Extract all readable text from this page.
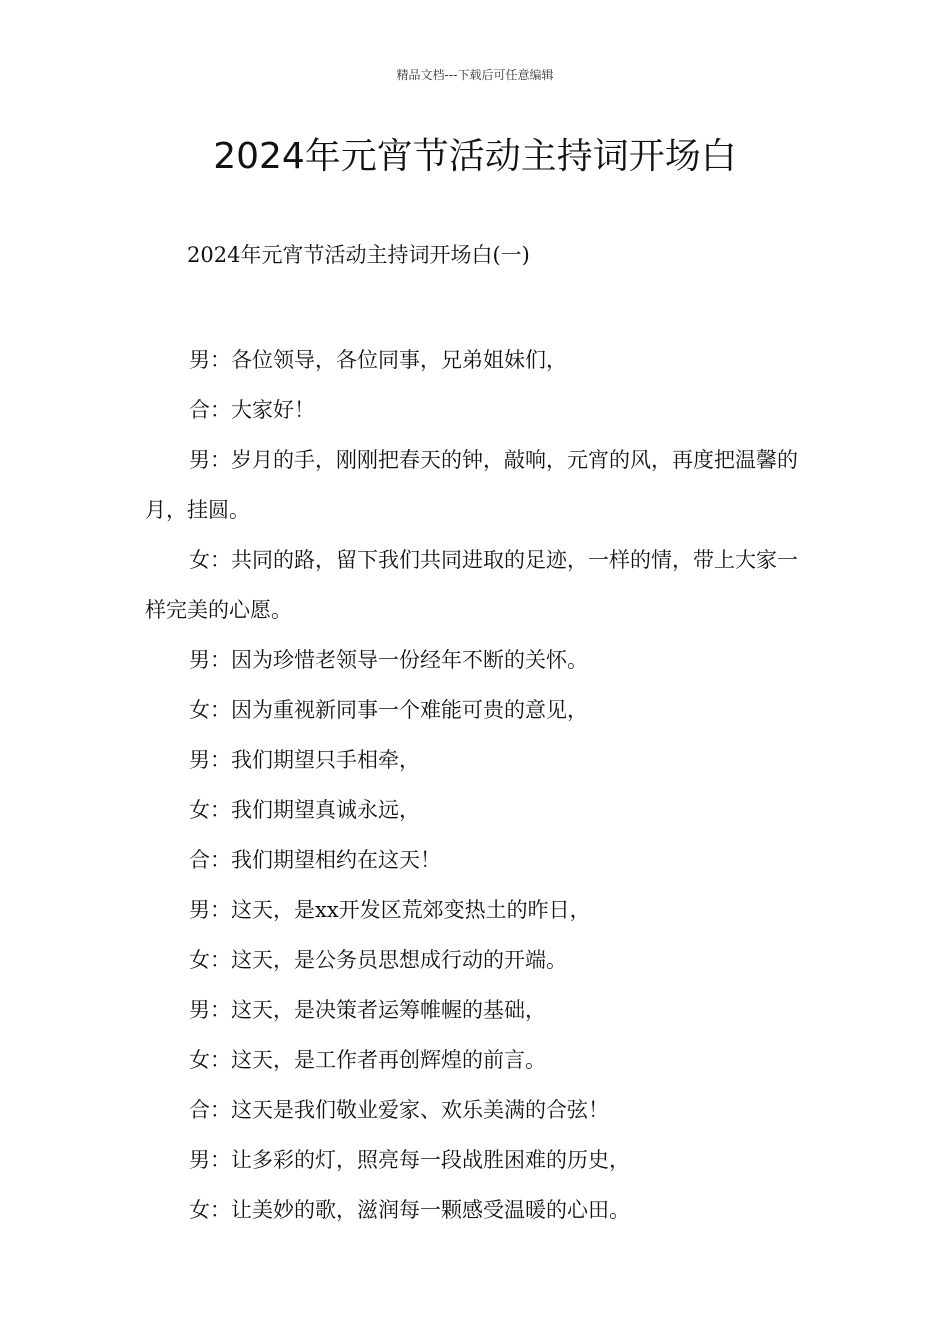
精品文档---下载后可任意编辑
2024年元宵节活动主持词开场白
2024年元宵节活动主持词开场白(一)

男：各位领导，各位同事，兄弟姐妹们，

合：大家好！

男：岁月的手，刚刚把春天的钟，敲响，元宵的风，再度把温馨的月，挂圆。

女：共同的路，留下我们共同进取的足迹，一样的情，带上大家一样完美的心愿。

男：因为珍惜老领导一份经年不断的关怀。

女：因为重视新同事一个难能可贵的意见，

男：我们期望只手相牵，

女：我们期望真诚永远，

合：我们期望相约在这天！

男：这天，是xx开发区荒郊变热土的昨日，

女：这天，是公务员思想成行动的开端。

男：这天，是决策者运筹帷幄的基础，

女：这天，是工作者再创辉煌的前言。

合：这天是我们敬业爱家、欢乐美满的合弦！

男：让多彩的灯，照亮每一段战胜困难的历史，

女：让美妙的歌，滋润每一颗感受温暖的心田。
